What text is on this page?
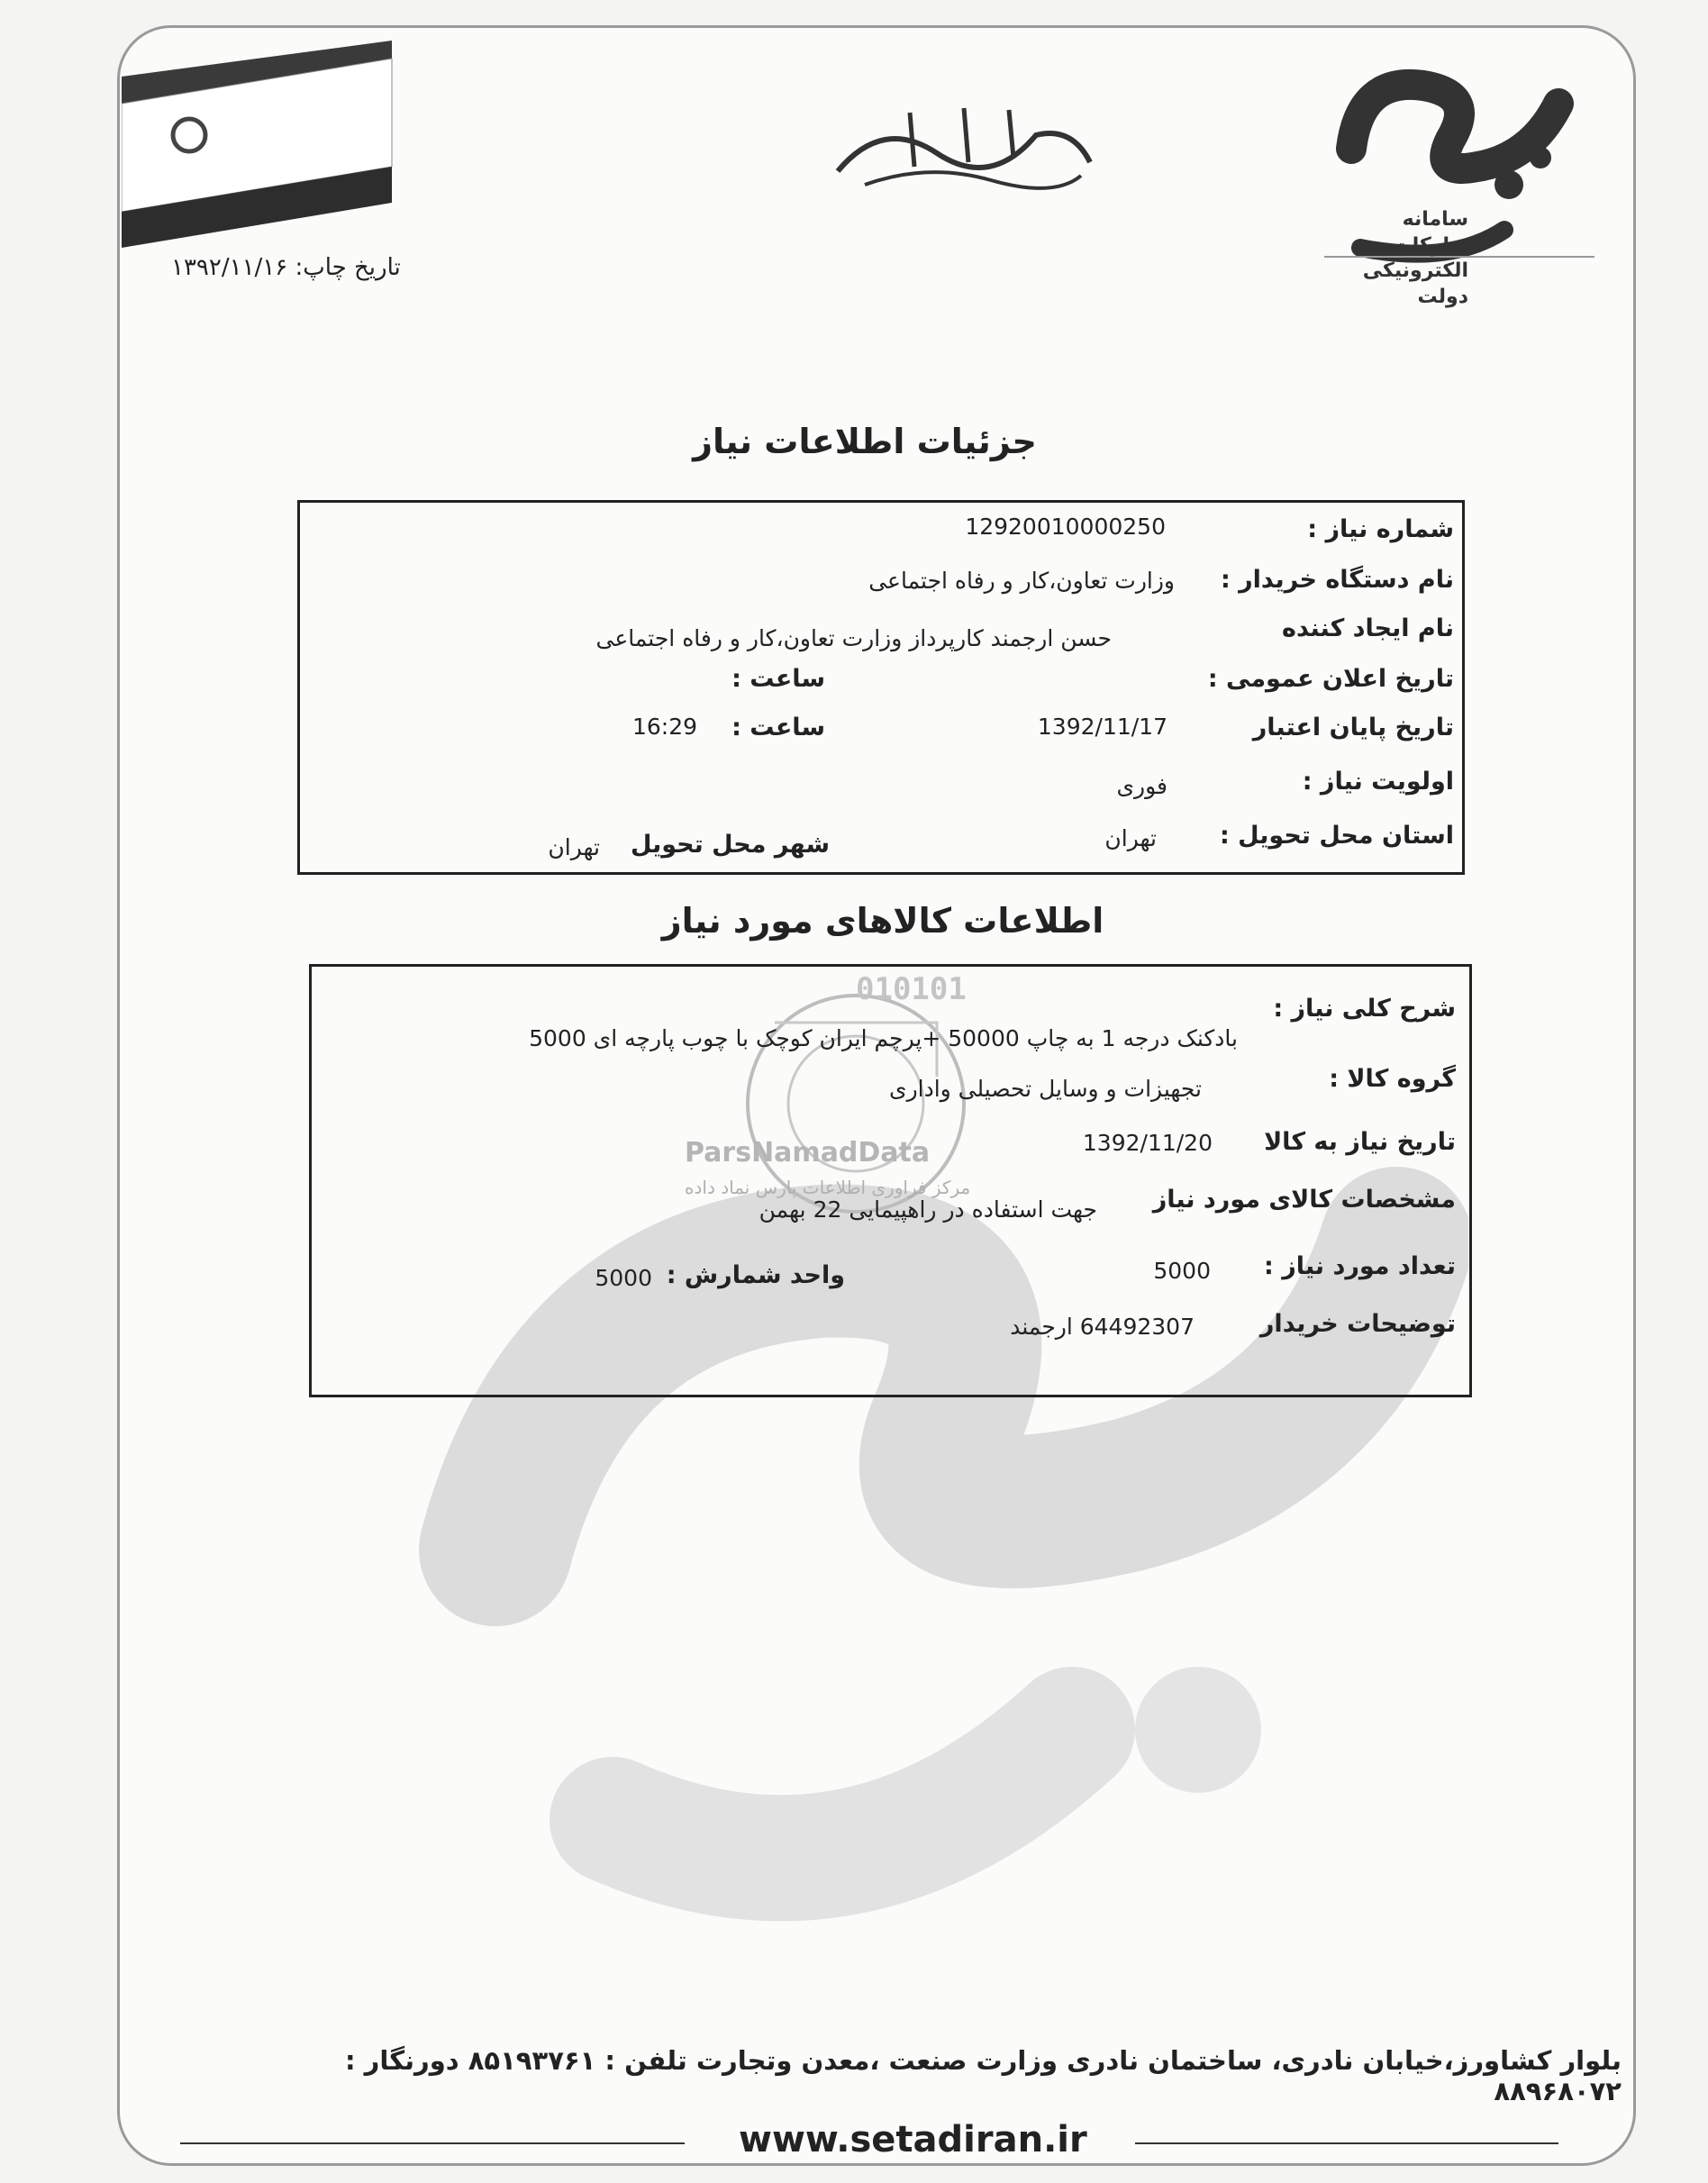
سامانه تدارکات الکترونیکی دولت
تاریخ چاپ: ۱۳۹۲/۱۱/۱۶
جزئیات اطلاعات نیاز
شماره نیاز :
12920010000250
نام دستگاه خریدار :
وزارت تعاون،کار و رفاه اجتماعی
نام ایجاد کننده
حسن ارجمند کارپرداز وزارت تعاون،کار و رفاه اجتماعی
تاریخ اعلان عمومی :
ساعت :
تاریخ پایان اعتبار
1392/11/17
ساعت :
16:29
اولویت نیاز :
فوری
استان محل تحویل :
تهران
شهر محل تحویل
تهران
اطلاعات کالاهای مورد نیاز
010101
ParsNamadData
مرکز فراوری اطلاعات پارس نماد داده
شرح کلی نیاز :
بادکنک درجه 1 به چاپ 50000 +پرچم ایران کوچک با چوب پارچه ای 5000
گروه کالا :
تجهیزات و وسایل تحصیلی واداری
تاریخ نیاز به کالا
1392/11/20
مشخصات کالای مورد نیاز
جهت استفاده در راهپیمایی 22 بهمن
تعداد مورد نیاز :
5000
واحد شمارش :
5000
توضیحات خریدار
64492307 ارجمند
بلوار کشاورز،خیابان نادری، ساختمان نادری وزارت صنعت ،معدن وتجارت تلفن : ۸۵۱۹۳۷۶۱ دورنگار : ۸۸۹۶۸۰۷۲
www.setadiran.ir
